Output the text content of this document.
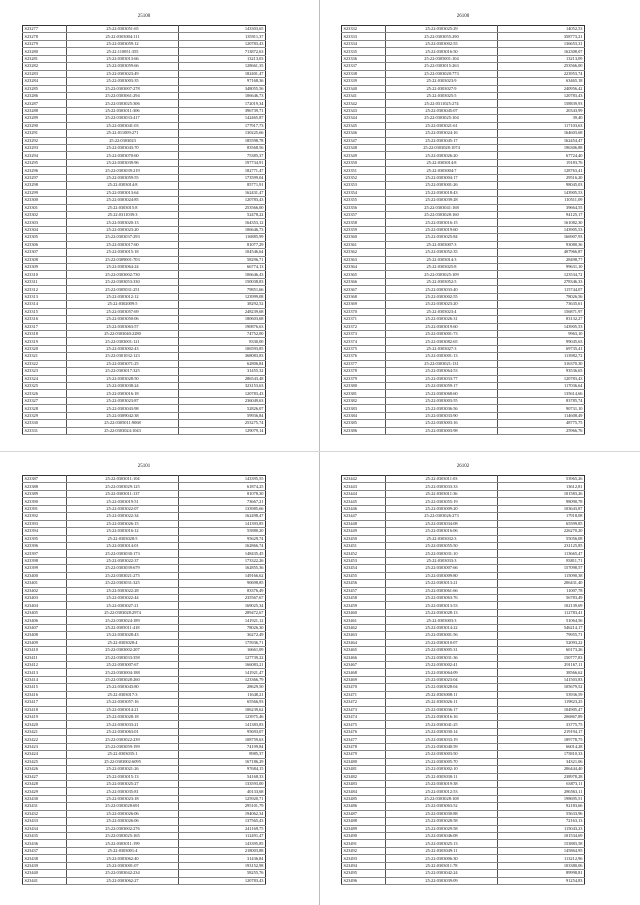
25100
S23277	25:22:0303051:65	143303,65
S23278	25:22:0303004:111	135911,37
S23279	25:22:0303059:12	120783,43
S23280	25:22:110051:355	713872,63
S23281	25:22:0303013:66	13213,03
S23282	25:22:0303059:66	128661,35
S23283	25:22:0303023:49	182401,47
S23284	25:22:0303003:35	97168,36
S23285	25:22:0303007:278	348055,56
S23286	25:22:0303061:294	106646,73
S23287	25:22:0303025:306	172019,34
S23288	25:22:0303011:306	396739,71
S23289	25:22:0303033:417	142465,87
S23290	25:22:0303041:03	177917,73
S23291	25:22:011009:271	130225,66
S23292	25:22:0303023	185598,78
S23293	25:22:0303043:70	83568,56
S23294	25:22:0303070:60	75385,37
S23295	25:22:0303039:96	197734,91
S23296	25:22:0303039:219	182771,47
S23297	25:22:0303059:55	173599,04
S23298	25:22:0303014:8	85771,91
S23299	25:22:0303013:64	162431,47
S23300	25:22:0303024:85	120783,43
S23301	25:22:0303015:8	253566,00
S23302	25:22:0311039:3	52478,22
S23303	25:22:0303020:13	164353,12
S23304	25:22:0303023:20	106646,73
S23305	25:22:0303037:293	116885,99
S23306	25:22:0303017:60	81077,29
S23307	25:22:0303015:18	104546,64
S23308	25:22:0309001:703	58296,71
S23309	25:22:0303064:24	66774,13
S23310	25:22:0303002:730	106646,43
S23311	25:22:0303053:330	150038,83
S23312	25:22:0305031:251	79851,66
S23313	25:22:0303012:12	123999,08
S23314	25:22:0302009:5	38292,52
S23315	25:22:0303057:69	248239,68
S23316	25:22:0303050:06	180603,68
S23317	25:22:0303063:57	190876,63
S23318	25:22:0303040:2280	74752,00
S23319	25:22:0303001:121	8330,00
S23320	25:22:0303002:43	106593,85
S23321	25:22:0301032:123	368083,83
S23322	25:22:0303071:25	62806,84
S23323	25:22:0303017:325	31455,32
S23324	25:22:0303028:50	286543,48
S23325	25:22:0303038:24	323153,63
S23326	25:22:0303016:18	120783,43
S23327	25:22:0303023:87	236049,63
S23328	25:22:0303043:98	52826,07
S23329	25:22:0309042:38	59936,84
S23330	25:22:0305011:9068	253275,74
S23331	25:22:0303024:1043	129079,14
26100
S23332	25:22:0303025:29	14052,53
S23333	25:22:0303055:290	358773,21
S23334	25:22:0303002:55	136653,31
S23335	25:22:0303016:50	162308,07
S23336	25:22:0305001:104	13213,09
S23337	25:22:0303015:263	253566,00
S23338	25:22:0303020:773	223953,74
S23339	25:22:0303023:9	63465,18
S23340	25:22:0303027:9	240956,42
S23341	25:22:0303025:5	120783,43
S23342	25:22:0311025:274	158839,93
S23343	25:22:0303045:07	20343,99
S23344	25:22:0303025:104	39,40
S23345	25:22:0303021:61	117103,63
S23346	25:22:0303024:16	164603,68
S23347	25:22:0303045:17	162454,47
S23348	25:22:0303028:1074	196306,88
S23349	25:22:0303026:20	67724,40
S23350	25:22:0303014:8	19183,76
S23351	25:22:0303004:7	128763,41
S23352	25:22:0303004:17	29516,20
S23353	25:22:0303001:26	98045,03
S23354	25:22:0303018:43	143905,53
S23355	25:22:0303039:28	110511,09
S23356	25:22:0303041:168	39664,55
S23357	25:22:0303028:160	94125,17
S23358	25:22:0303016:15	161082,30
S23359	25:22:0303019:60	143905,53
S23360	25:22:0303025:84	166907,93
S23361	25:22:0303007:3	93080,36
S23362	25:22:0303052:35	407966,87
S23363	25:22:0303014:3	28498,77
S23364	25:22:0303025:8	99631,10
S23365	25:22:0303025:109	123534,72
S23366	25:22:0303052:5	278346,33
S23367	25:22:0303033:40	115744,07
S23368	25:22:0303002:55	78026,56
S23369	25:22:0303023:20	73635,61
S23370	25:22:0303023:4	156871,97
S23371	25:22:0303026:31	83132,27
S23372	25:22:0303019:60	143905,53
S23373	25:22:0303001:73	9963,10
S23374	25:22:0303082:65	99045,63
S23375	25:22:0303027:3	69735,41
S23376	25:22:0303001:13	113982,72
S23377	25:22:0303021:131	316370,30
S23378	25:22:0303064:53	93536,65
S23379	25:22:0303033:77	120783,43
S23380	25:22:0303059:17	117036,64
S23381	25:22:0303068:60	135614,66
S23382	25:22:0303003:55	83785,74
S23383	25:22:0303036:56	90731,10
S23384	25:22:0303033:90	114608,49
S23385	25:22:0303003:16	48775,75
S23386	25:22:0303003:98	25966,76
25101
S23387	25:22:0303011:104	143395,55
S23388	25:22:0303029:125	61874,25
S23389	25:22:0303011:137	81078,30
S23390	25:22:0303019:51	73667,21
S23391	25:22:0303022:07	133985,66
S23392	25:22:0303022:34	162498,47
S23393	25:22:0303026:15	141393,85
S23394	25:22:0303016:12	55880,20
S23395	25:22:0303028:5	95629,74
S23396	25:22:0303014:01	162866,74
S23397	25:22:0303030:173	148435,45
S23398	25:22:0303022:37	173322,26
S23399	25:22:0303039:679	162855,36
S23400	25:22:0303021:275	149166,62
S23401	25:22:0303031:325	90698,85
S23402	25:22:0303022:28	83376,49
S23403	25:22:0303022:44	235567,67
S23404	25:22:0303027:21	169025,34
S23405	25:22:0303028:2974	289472,67
S23406	25:22:0303024:189	141921,12
S23407	25:22:0305011:418	78026,30
S23408	25:22:0303028:43	36272,49
S23409	25:22:0303028:4	175936,71
S23410	25:22:0303002:207	16661,09
S23411	25:22:0303033:358	127739,22
S23412	25:22:0303007:67	166083,21
S23413	25:22:0303004:188	141921,47
S23414	25:22:0303028:260	123366,79
S23415	25:22:0303043:80	28629,50
S23416	25:22:0303017:3	11648,21
S23417	25:22:0303057:16	65566,93
S23418	25:22:0303014:21	106239,62
S23419	25:22:0303028:18	123975,46
S23420	25:22:0303033:21	141383,83
S23421	25:22:0303063:01	95693,07
S23422	25:22:0303022:239	108759,63
S23423	25:22:0303059:199	74199,84
S23424	25:22:0303035:1	8985,37
S23425	25:22:0303002:6095	167186,29
S23426	25:22:0303021:26	97684,15
S23427	25:22:0303015:13	54168,33
S23428	25:22:0303025:27	133593,00
S23429	25:22:0303035:81	40133,68
S23430	25:22:0303023:18	125920,71
S23431	25:22:0303028:691	295101,79
S23432	25:22:0303026:06	194062,34
S23433	25:22:0303026:06	137565,43
S23434	25:22:0303002:276	241169,75
S23435	25:22:0303025:165	112491,47
S23436	25:22:0303011:199	143395,85
S23437	25:22:0303001:4	218003,88
S23438	25:22:0303062:40	31436,84
S23439	25:22:0303001:07	193152,98
S23440	25:22:0303042:234	58255,76
S23441	25:22:0303062:27	120783,43
26102
S23442	25:22:0303011:03	53965,26
S23443	25:22:0303033:33	13612,81
S23444	25:22:0303011:36	101583,26
S23445	25:22:0303055:19	98090,78
S23446	25:22:0303009:20	103643,87
S23447	25:22:0303026:273	17918,08
S23448	25:22:0303034:08	65599,85
S23449	25:22:0303016:06	226270,20
S23450	25:22:0303032:3	55056,08
S23451	25:22:0303055:50	231125,85
S23452	25:22:0303031:10	113665,47
S23453	25:22:0303033:3	83811,71
S23454	25:22:0303007:66	157098,57
S23455	25:22:0303009:80	115090,38
S23456	25:22:0303013:21	206431,40
S23457	25:22:0303061:66	11007,78
S23458	25:22:0303063:76	56783,49
S23459	25:22:0303013:53	102139,69
S23460	25:22:0303028:13	112783,41
S23461	25:22:0303003:3	51064,56
S23462	25:22:0303014:22	546214,17
S23463	25:22:0303001:56	79955,71
S23464	25:22:0303010:07	52093,22
S23465	25:22:0303005:31	60173,26
S23466	25:22:0303031:36	150777,83
S23467	25:22:0303002:41	291167,11
S23468	25:22:0303064:09	38566,62
S23469	25:22:0303023:04	141503,83
S23470	25:22:0303028:04	105679,52
S23471	25:22:0303008:11	53936,59
S23472	25:22:0303026:11	119823,25
S23473	25:22:0303036:17	104905,47
S23474	25:22:0303016:16	206867,89
S23475	25:22:0303041:25	33775,75
S23476	25:22:0303030:14	219194,17
S23477	25:22:0303033:19	189778,75
S23478	25:22:0303040:59	66014,28
S23479	25:22:0303003:50	175810,33
S23480	25:22:0303005:70	34321,06
S23481	25:22:0303002:10	206444,40
S23482	25:22:0303030:11	238978,28
S23483	25:22:0303019:38	63873,11
S23484	25:22:0303012:53	286563,11
S23485	25:22:0303028:108	198695,51
S23486	25:22:0303063:52	92183,66
S23487	25:22:0303030:88	55633,96
S23488	25:22:0303028:58	72163,13
S23489	25:22:0303029:58	115043,23
S23490	25:22:0303046:08	101534,69
S23491	25:22:0303025:13	153883,58
S23492	25:22:0303049:11	145864,95
S23493	25:22:0303006:30	113212,96
S23494	25:22:0303011:78	103380,06
S23495	25:22:0303042:24	89998,81
S23496	25:22:0303039:09	91254,83
